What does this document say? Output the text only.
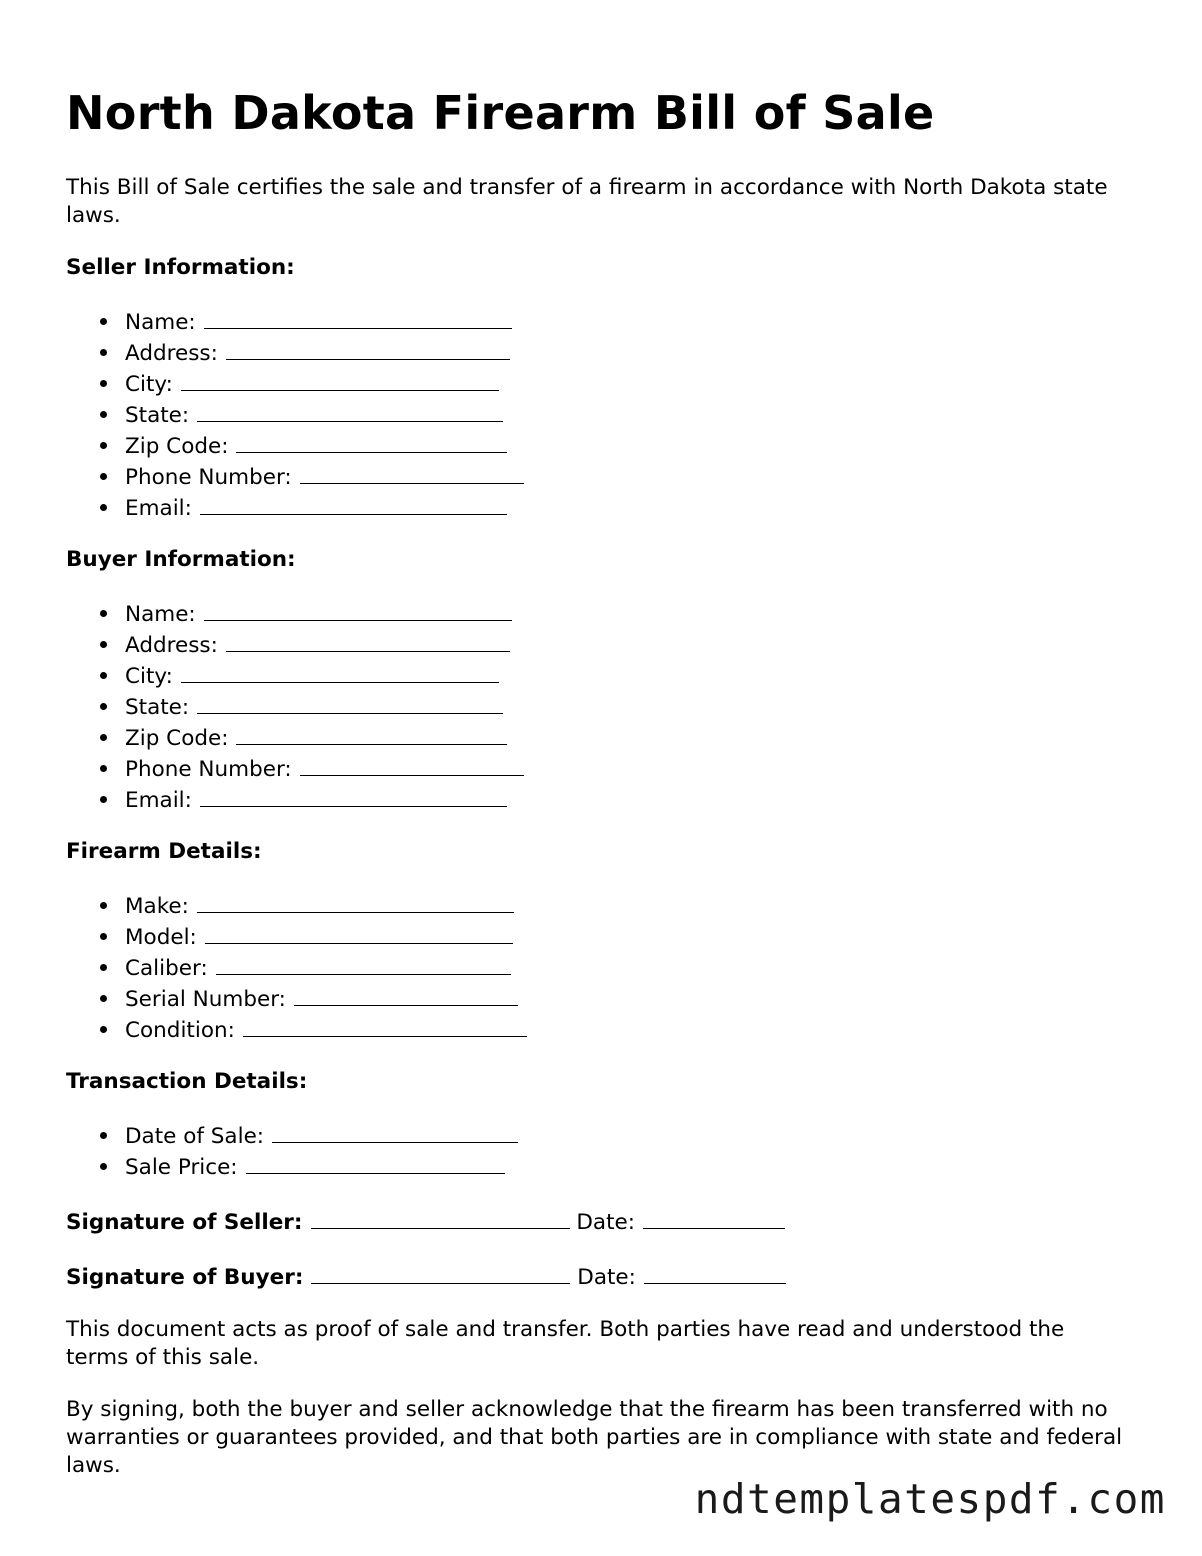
North Dakota Firearm Bill of Sale

This Bill of Sale certifies the sale and transfer of a firearm in accordance with North Dakota state laws.

Seller Information:
Name:
Address:
City:
State:
Zip Code:
Phone Number:
Email:
Buyer Information:
Name:
Address:
City:
State:
Zip Code:
Phone Number:
Email:
Firearm Details:
Make:
Model:
Caliber:
Serial Number:
Condition:
Transaction Details:
Date of Sale:
Sale Price:

Signature of Seller:	Date:

Signature of Buyer:	Date:

This document acts as proof of sale and transfer. Both parties have read and understood the terms of this sale.

By signing, both the buyer and seller acknowledge that the firearm has been transferred with no warranties or guarantees provided, and that both parties are in compliance with state and federal laws.

ndtemplatespdf.com
